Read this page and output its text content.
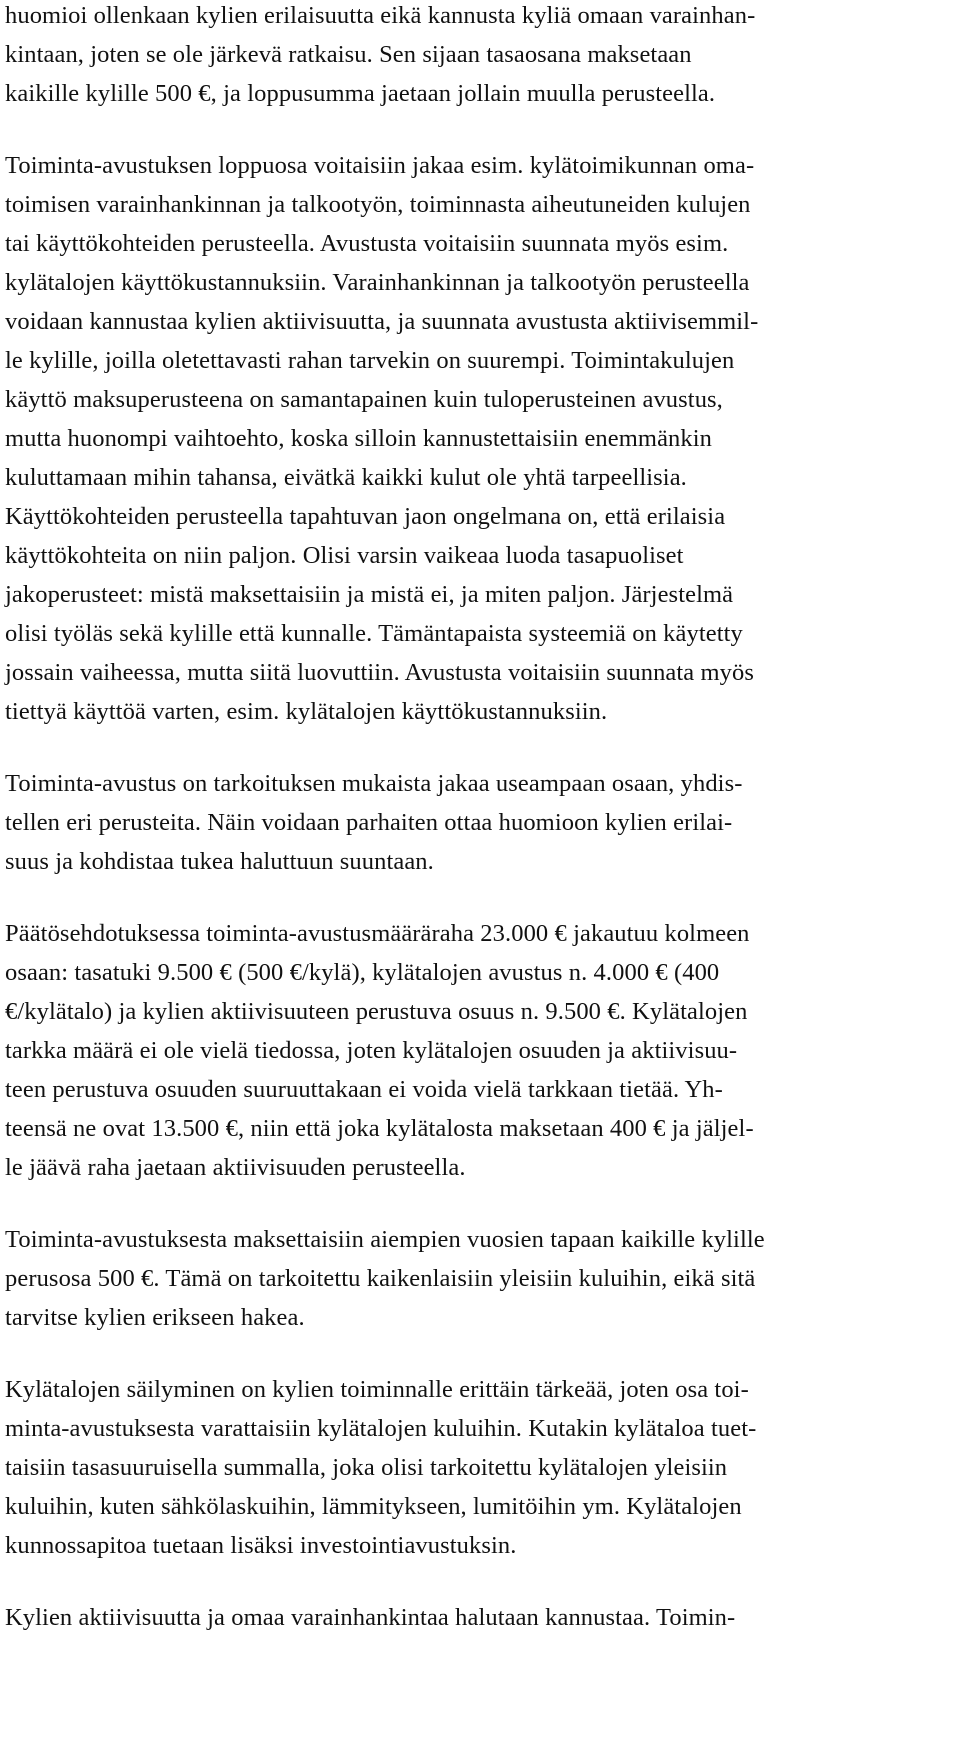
huomioi ollenkaan kylien erilaisuutta eikä kannusta kyliä omaan varainhan-
kintaan, joten se ole järkevä ratkaisu. Sen sijaan tasaosana maksetaan
kaikille kylille 500 €, ja loppusumma jaetaan jollain muulla perusteella.
Toiminta-avustuksen loppuosa voitaisiin jakaa esim. kylätoimikunnan oma-
toimisen varainhankinnan ja talkootyön, toiminnasta aiheutuneiden kulujen
tai käyttökohteiden perusteella. Avustusta voitaisiin suunnata myös esim.
kylätalojen käyttökustannuksiin. Varainhankinnan ja talkootyön perusteella
voidaan kannustaa kylien aktiivisuutta, ja suunnata avustusta aktiivisemmil-
le kylille, joilla oletettavasti rahan tarvekin on suurempi. Toimintakulujen
käyttö maksuperusteena on samantapainen kuin tuloperusteinen avustus,
mutta huonompi vaihtoehto, koska silloin kannustettaisiin enemmänkin
kuluttamaan mihin tahansa, eivätkä kaikki kulut ole yhtä tarpeellisia.
Käyttökohteiden perusteella tapahtuvan jaon ongelmana on, että erilaisia
käyttökohteita on niin paljon. Olisi varsin vaikeaa luoda tasapuoliset
jakoperusteet: mistä maksettaisiin ja mistä ei, ja miten paljon. Järjestelmä
olisi työläs sekä kylille että kunnalle. Tämäntapaista systeemiä on käytetty
jossain vaiheessa, mutta siitä luovuttiin. Avustusta voitaisiin suunnata myös
tiettyä käyttöä varten, esim. kylätalojen käyttökustannuksiin.
Toiminta-avustus on tarkoituksen mukaista jakaa useampaan osaan, yhdis-
tellen eri perusteita. Näin voidaan parhaiten ottaa huomioon kylien erilai-
suus ja kohdistaa tukea haluttuun suuntaan.
Päätösehdotuksessa toiminta-avustusmääräraha 23.000 € jakautuu kolmeen
osaan: tasatuki 9.500 € (500 €/kylä), kylätalojen avustus n. 4.000 € (400
€/kylätalo) ja kylien aktiivisuuteen perustuva osuus n. 9.500 €. Kylätalojen
tarkka määrä ei ole vielä tiedossa, joten kylätalojen osuuden ja aktiivisuu-
teen perustuva osuuden suuruuttakaan ei voida vielä tarkkaan tietää. Yh-
teensä ne ovat 13.500 €, niin että joka kylätalosta maksetaan 400 € ja jäljel-
le jäävä raha jaetaan aktiivisuuden perusteella.
Toiminta-avustuksesta maksettaisiin aiempien vuosien tapaan kaikille kylille
perusosa 500 €. Tämä on tarkoitettu kaikenlaisiin yleisiin kuluihin, eikä sitä
tarvitse kylien erikseen hakea.
Kylätalojen säilyminen on kylien toiminnalle erittäin tärkeää, joten osa toi-
minta-avustuksesta varattaisiin kylätalojen kuluihin. Kutakin kylätaloa tuet-
taisiin tasasuuruisella summalla, joka olisi tarkoitettu kylätalojen yleisiin
kuluihin, kuten sähkölaskuihin, lämmitykseen, lumitöihin ym. Kylätalojen
kunnossapitoa tuetaan lisäksi investointiavustuksin.
Kylien aktiivisuutta ja omaa varainhankintaa halutaan kannustaa. Toimin-
